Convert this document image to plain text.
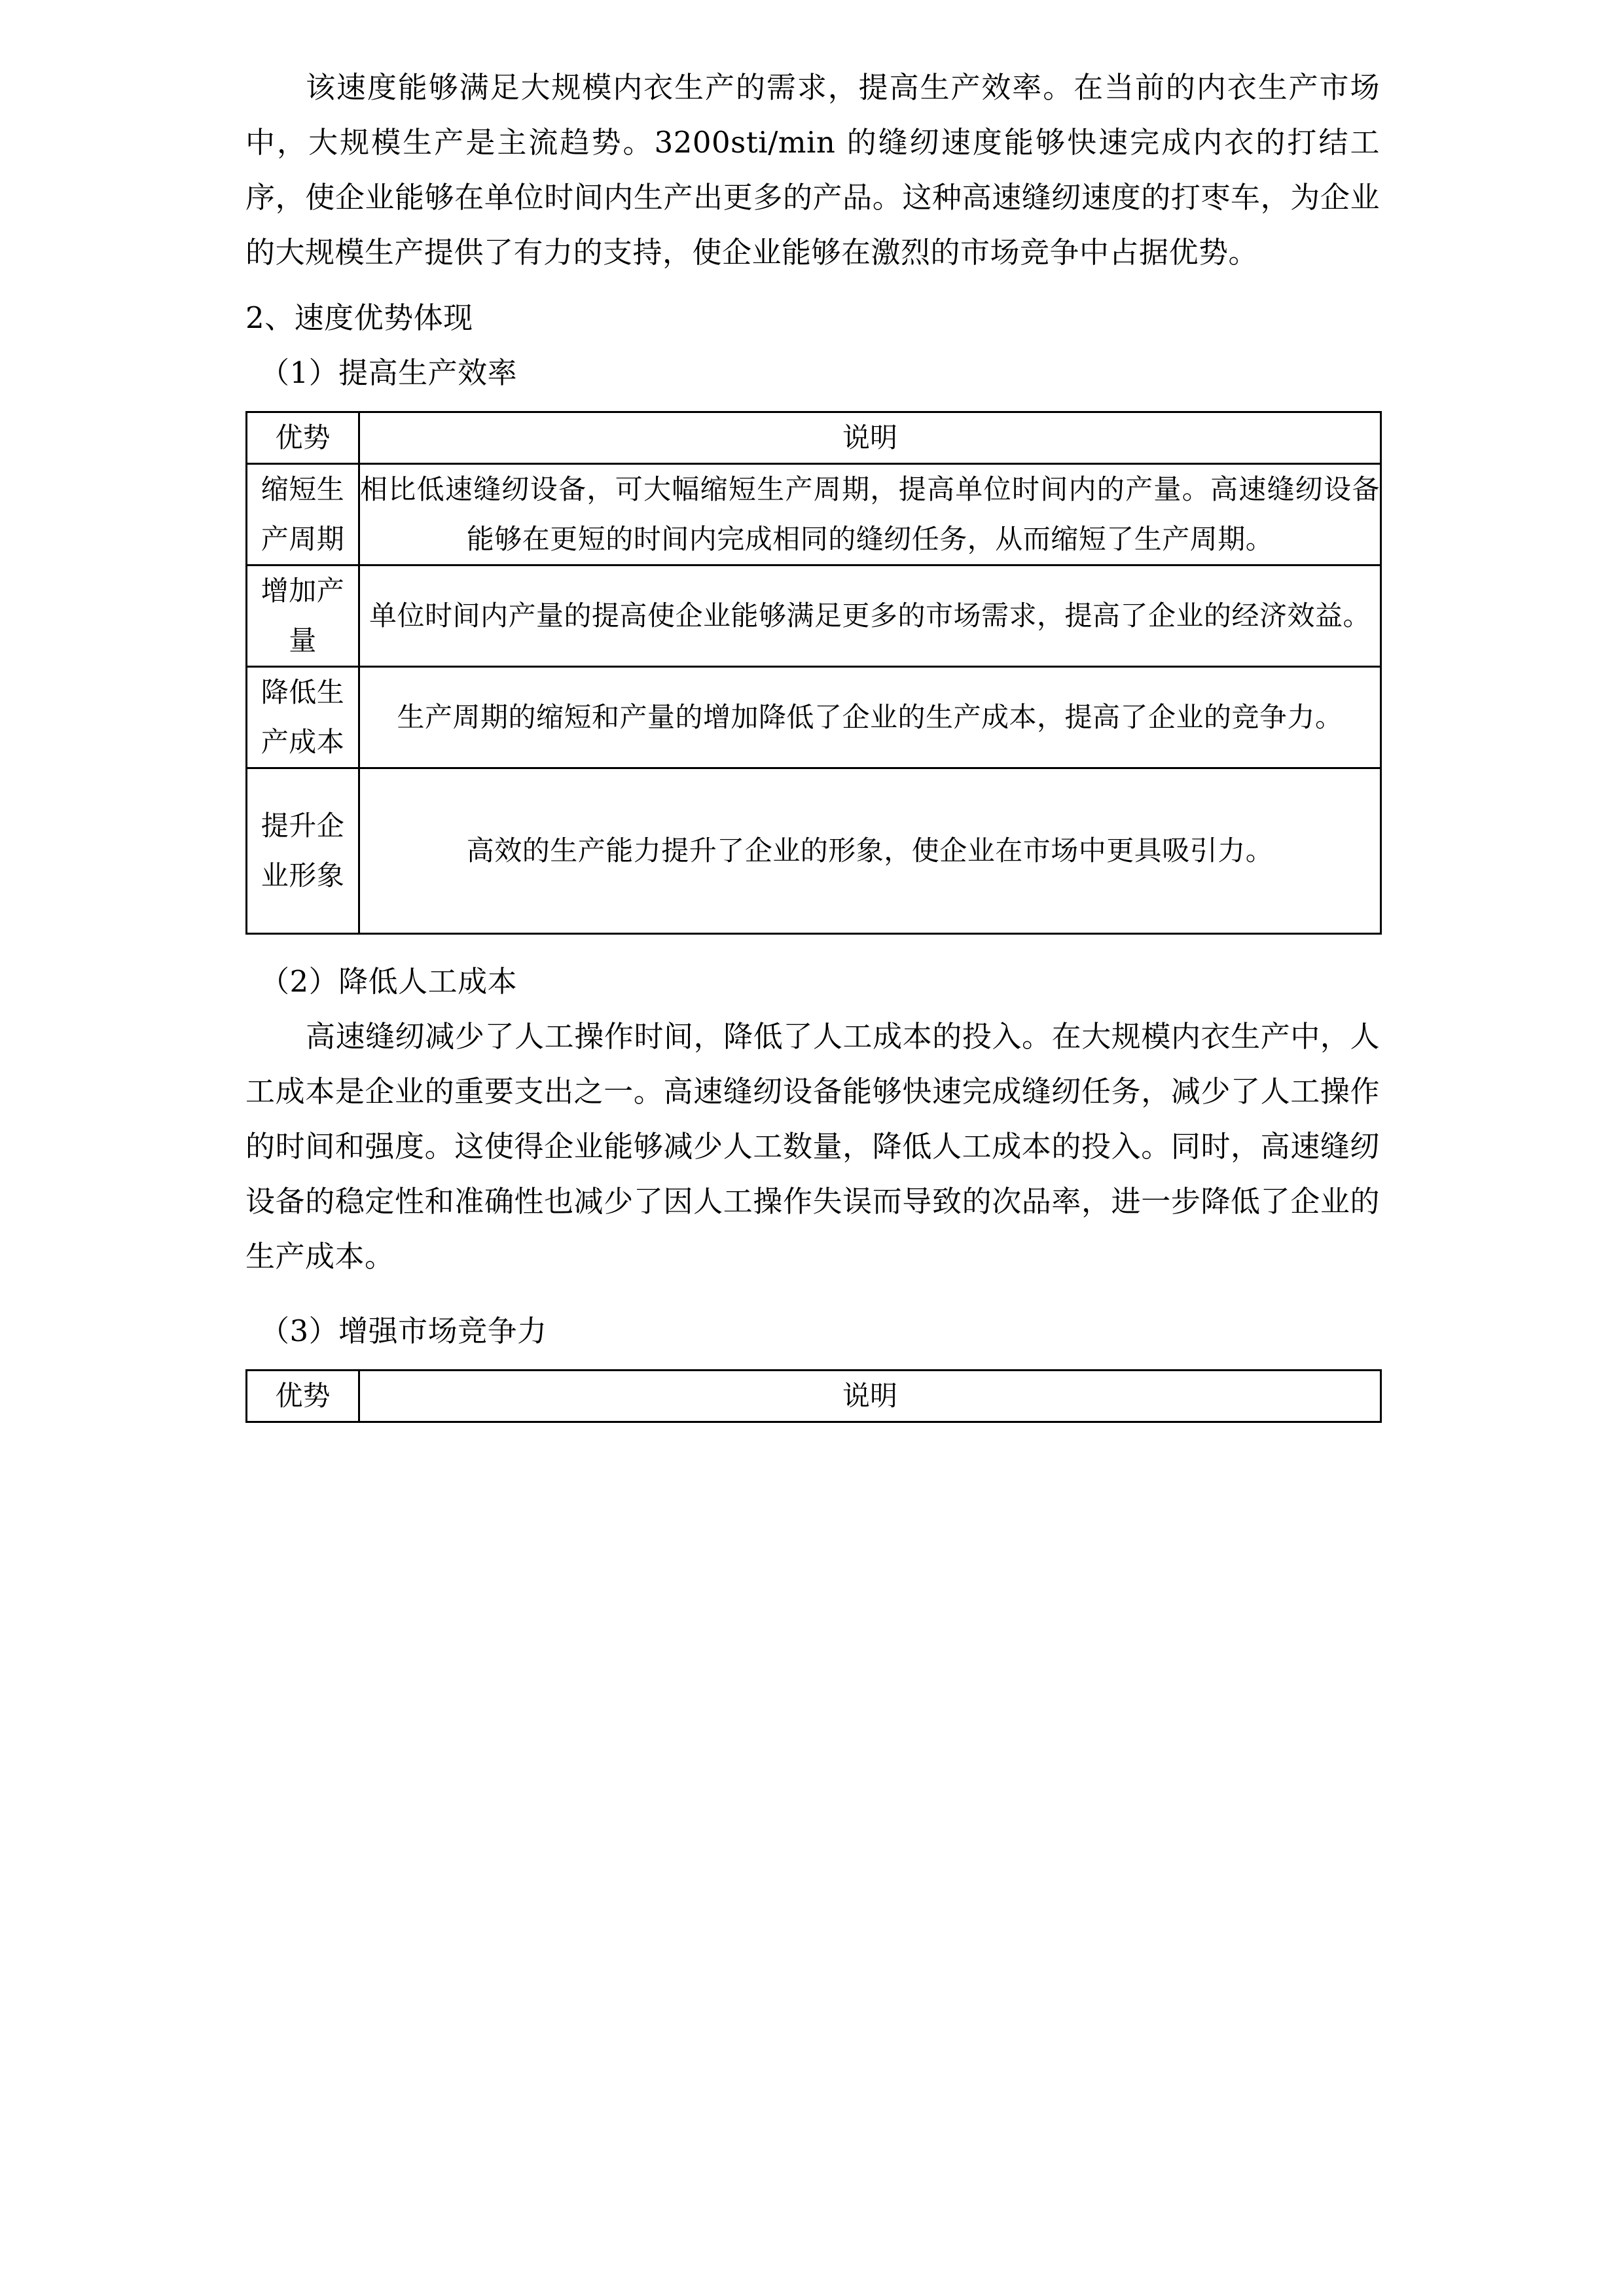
该速度能够满足大规模内衣生产的需求，提高生产效率。在当前的内衣生产市场中，大规模生产是主流趋势。3200sti/min 的缝纫速度能够快速完成内衣的打结工序，使企业能够在单位时间内生产出更多的产品。这种高速缝纫速度的打枣车，为企业的大规模生产提供了有力的支持，使企业能够在激烈的市场竞争中占据优势。

2、速度优势体现
（1）提高生产效率
优势	说明
缩短生产周期	相比低速缝纫设备，可大幅缩短生产周期，提高单位时间内的产量。高速缝纫设备能够在更短的时间内完成相同的缝纫任务，从而缩短了生产周期。
增加产量	单位时间内产量的提高使企业能够满足更多的市场需求，提高了企业的经济效益。
降低生产成本	生产周期的缩短和产量的增加降低了企业的生产成本，提高了企业的竞争力。
提升企业形象	高效的生产能力提升了企业的形象，使企业在市场中更具吸引力。
（2）降低人工成本

高速缝纫减少了人工操作时间，降低了人工成本的投入。在大规模内衣生产中，人工成本是企业的重要支出之一。高速缝纫设备能够快速完成缝纫任务，减少了人工操作的时间和强度。这使得企业能够减少人工数量，降低人工成本的投入。同时，高速缝纫设备的稳定性和准确性也减少了因人工操作失误而导致的次品率，进一步降低了企业的生产成本。

（3）增强市场竞争力
优势	说明
